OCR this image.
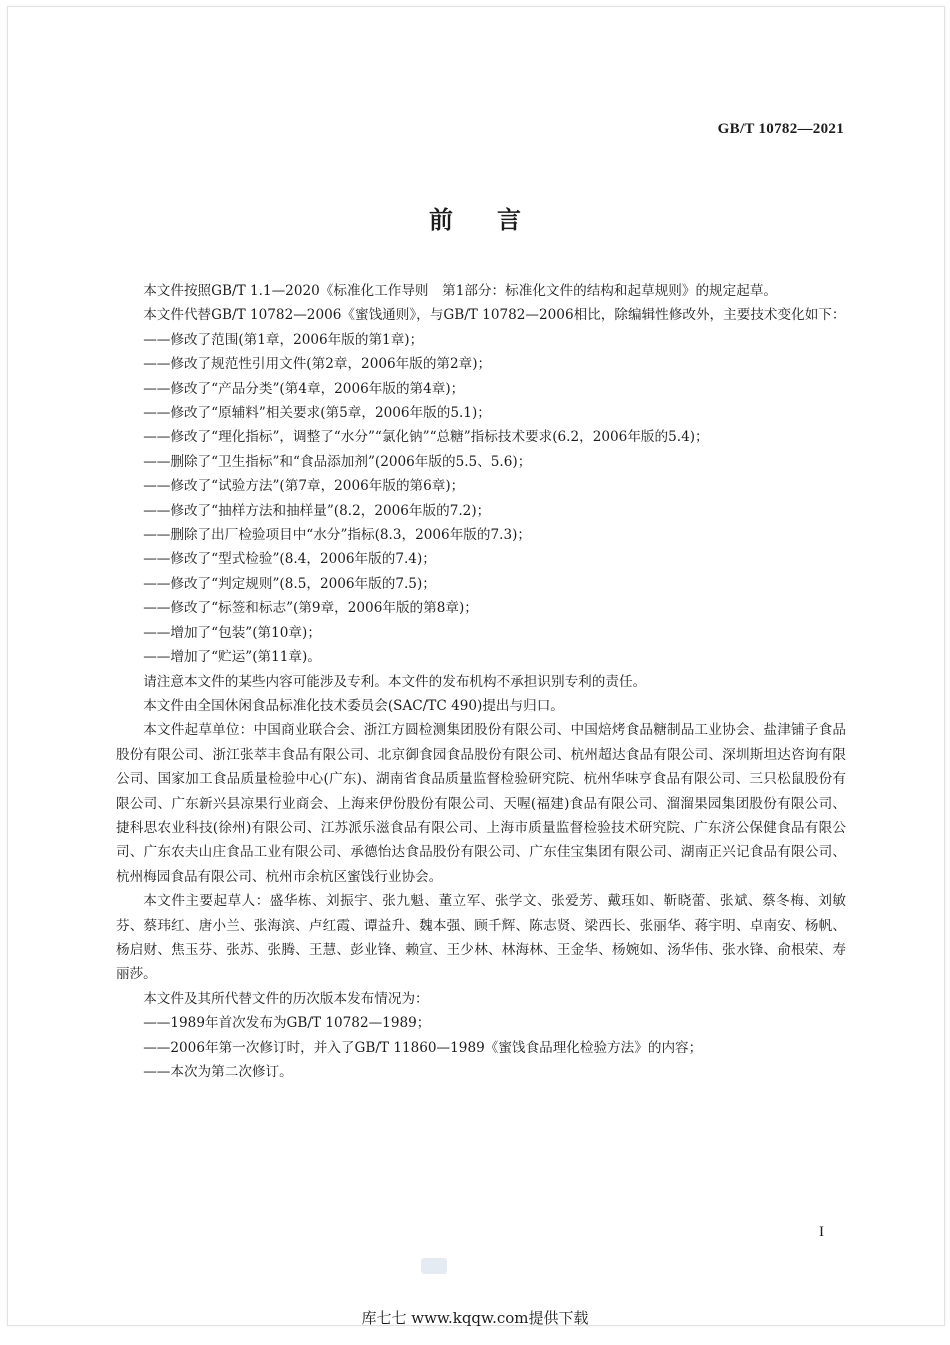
GB/T 10782—2021
前言

本文件按照GB/T 1.1—2020《标准化工作导则　第1部分：标准化文件的结构和起草规则》的规定起草。

本文件代替GB/T 10782—2006《蜜饯通则》，与GB/T 10782—2006相比，除编辑性修改外，主要技术变化如下：

——修改了范围(第1章，2006年版的第1章)；

——修改了规范性引用文件(第2章，2006年版的第2章)；

——修改了“产品分类”(第4章，2006年版的第4章)；

——修改了“原辅料”相关要求(第5章，2006年版的5.1)；

——修改了“理化指标”，调整了“水分”“氯化钠”“总糖”指标技术要求(6.2，2006年版的5.4)；

——删除了“卫生指标”和“食品添加剂”(2006年版的5.5、5.6)；

——修改了“试验方法”(第7章，2006年版的第6章)；

——修改了“抽样方法和抽样量”(8.2，2006年版的7.2)；

——删除了出厂检验项目中“水分”指标(8.3，2006年版的7.3)；

——修改了“型式检验”(8.4，2006年版的7.4)；

——修改了“判定规则”(8.5，2006年版的7.5)；

——修改了“标签和标志”(第9章，2006年版的第8章)；

——增加了“包装”(第10章)；

——增加了“贮运”(第11章)。

请注意本文件的某些内容可能涉及专利。本文件的发布机构不承担识别专利的责任。

本文件由全国休闲食品标准化技术委员会(SAC/TC 490)提出与归口。

本文件起草单位：中国商业联合会、浙江方圆检测集团股份有限公司、中国焙烤食品糖制品工业协会、盐津铺子食品股份有限公司、浙江张萃丰食品有限公司、北京御食园食品股份有限公司、杭州超达食品有限公司、深圳斯坦达咨询有限公司、国家加工食品质量检验中心(广东)、湖南省食品质量监督检验研究院、杭州华味亨食品有限公司、三只松鼠股份有限公司、广东新兴县凉果行业商会、上海来伊份股份有限公司、天喔(福建)食品有限公司、溜溜果园集团股份有限公司、捷科思农业科技(徐州)有限公司、江苏派乐滋食品有限公司、上海市质量监督检验技术研究院、广东济公保健食品有限公司、广东农夫山庄食品工业有限公司、承德怡达食品股份有限公司、广东佳宝集团有限公司、湖南正兴记食品有限公司、杭州梅园食品有限公司、杭州市余杭区蜜饯行业协会。

本文件主要起草人：盛华栋、刘振宇、张九魁、董立军、张学文、张爱芳、戴珏如、靳晓蕾、张斌、蔡冬梅、刘敏芬、蔡玮红、唐小兰、张海滨、卢红霞、谭益升、魏本强、顾千辉、陈志贤、梁西长、张丽华、蒋宇明、卓南安、杨帆、杨启财、焦玉芬、张苏、张腾、王慧、彭业锋、赖宣、王少林、林海林、王金华、杨婉如、汤华伟、张水锋、俞根荣、寿丽莎。

本文件及其所代替文件的历次版本发布情况为：

——1989年首次发布为GB/T 10782—1989；

——2006年第一次修订时，并入了GB/T 11860—1989《蜜饯食品理化检验方法》的内容；

——本次为第二次修订。

I
库七七 www.kqqw.com提供下载
